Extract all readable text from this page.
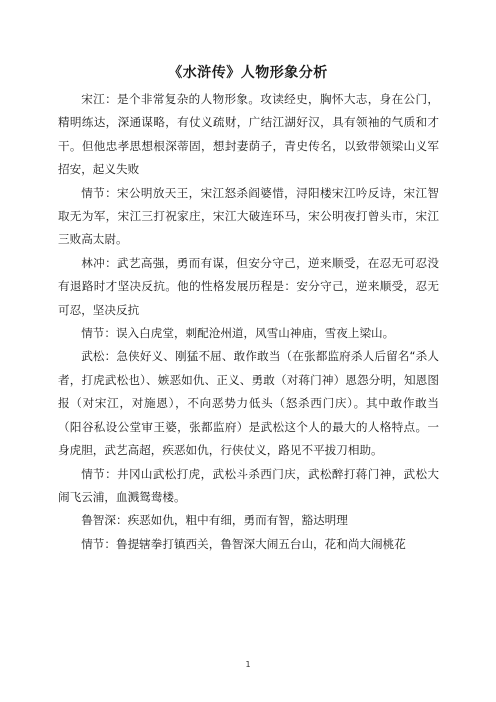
《水浒传》人物形象分析

宋江：是个非常复杂的人物形象。攻读经史，胸怀大志，身在公门，精明练达，深通谋略，有仗义疏财，广结江湖好汉，具有领袖的气质和才干。但他忠孝思想根深蒂固，想封妻荫子，青史传名，以致带领梁山义军招安，起义失败

情节：宋公明放天王，宋江怒杀阎婆惜，浔阳楼宋江吟反诗，宋江智取无为军，宋江三打祝家庄，宋江大破连环马，宋公明夜打曾头市，宋江三败高太尉。

林冲：武艺高强，勇而有谋，但安分守己，逆来顺受，在忍无可忍没有退路时才坚决反抗。他的性格发展历程是：安分守己，逆来顺受，忍无可忍，坚决反抗

情节：误入白虎堂，刺配沧州道，风雪山神庙，雪夜上梁山。

武松：急侠好义、刚猛不屈、敢作敢当（在张都监府杀人后留名“杀人者，打虎武松也）、嫉恶如仇、正义、勇敢（对蒋门神）恩怨分明，知恩图报（对宋江，对施恩），不向恶势力低头（怒杀西门庆）。其中敢作敢当（阳谷私设公堂审王婆，张都监府）是武松这个人的最大的人格特点。一身虎胆，武艺高超，疾恶如仇，行侠仗义，路见不平拔刀相助。

情节：井冈山武松打虎，武松斗杀西门庆，武松醉打蒋门神，武松大闹飞云浦，血溅鸳鸯楼。

鲁智深：疾恶如仇，粗中有细，勇而有智，豁达明理

情节：鲁提辖拳打镇西关，鲁智深大闹五台山，花和尚大闹桃花

1
